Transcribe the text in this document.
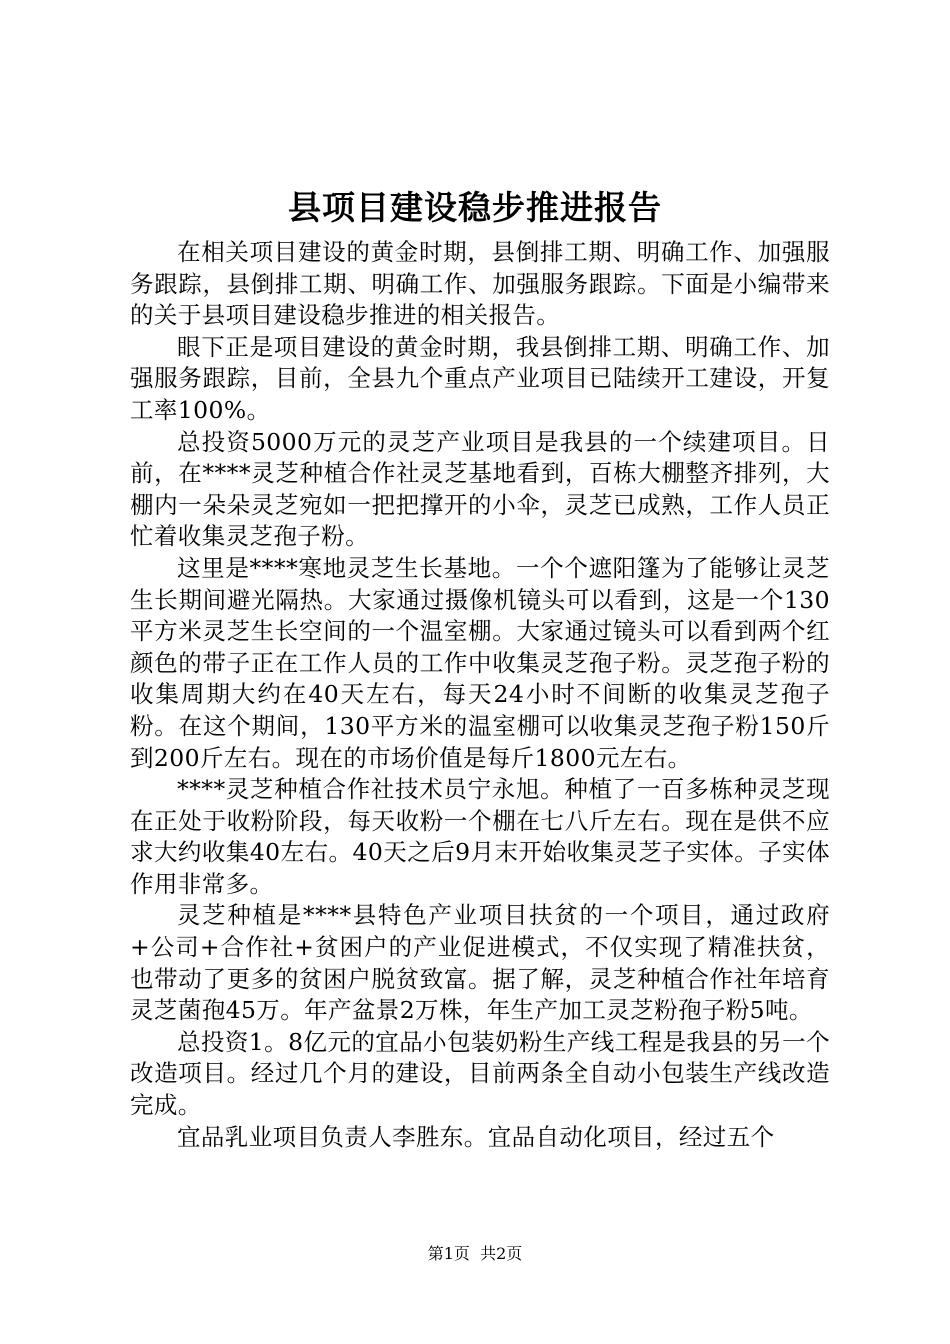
县项目建设稳步推进报告

在相关项目建设的黄金时期，县倒排工期、明确工作、加强服务跟踪，县倒排工期、明确工作、加强服务跟踪。下面是小编带来的关于县项目建设稳步推进的相关报告。

眼下正是项目建设的黄金时期，我县倒排工期、明确工作、加强服务跟踪，目前，全县九个重点产业项目已陆续开工建设，开复工率100%。

总投资5000万元的灵芝产业项目是我县的一个续建项目。日前，在****灵芝种植合作社灵芝基地看到，百栋大棚整齐排列，大棚内一朵朵灵芝宛如一把把撑开的小伞，灵芝已成熟，工作人员正忙着收集灵芝孢子粉。

这里是****寒地灵芝生长基地。一个个遮阳篷为了能够让灵芝生长期间避光隔热。大家通过摄像机镜头可以看到，这是一个130平方米灵芝生长空间的一个温室棚。大家通过镜头可以看到两个红颜色的带子正在工作人员的工作中收集灵芝孢子粉。灵芝孢子粉的收集周期大约在40天左右，每天24小时不间断的收集灵芝孢子粉。在这个期间，130平方米的温室棚可以收集灵芝孢子粉150斤到200斤左右。现在的市场价值是每斤1800元左右。

****灵芝种植合作社技术员宁永旭。种植了一百多栋种灵芝现在正处于收粉阶段，每天收粉一个棚在七八斤左右。现在是供不应求大约收集40左右。40天之后9月末开始收集灵芝子实体。子实体作用非常多。

灵芝种植是****县特色产业项目扶贫的一个项目，通过政府+公司+合作社+贫困户的产业促进模式，不仅实现了精准扶贫，也带动了更多的贫困户脱贫致富。据了解，灵芝种植合作社年培育灵芝菌孢45万。年产盆景2万株，年生产加工灵芝粉孢子粉5吨。

总投资1。8亿元的宜品小包装奶粉生产线工程是我县的另一个改造项目。经过几个月的建设，目前两条全自动小包装生产线改造完成。

宜品乳业项目负责人李胜东。宜品自动化项目，经过五个

第1页 共2页
